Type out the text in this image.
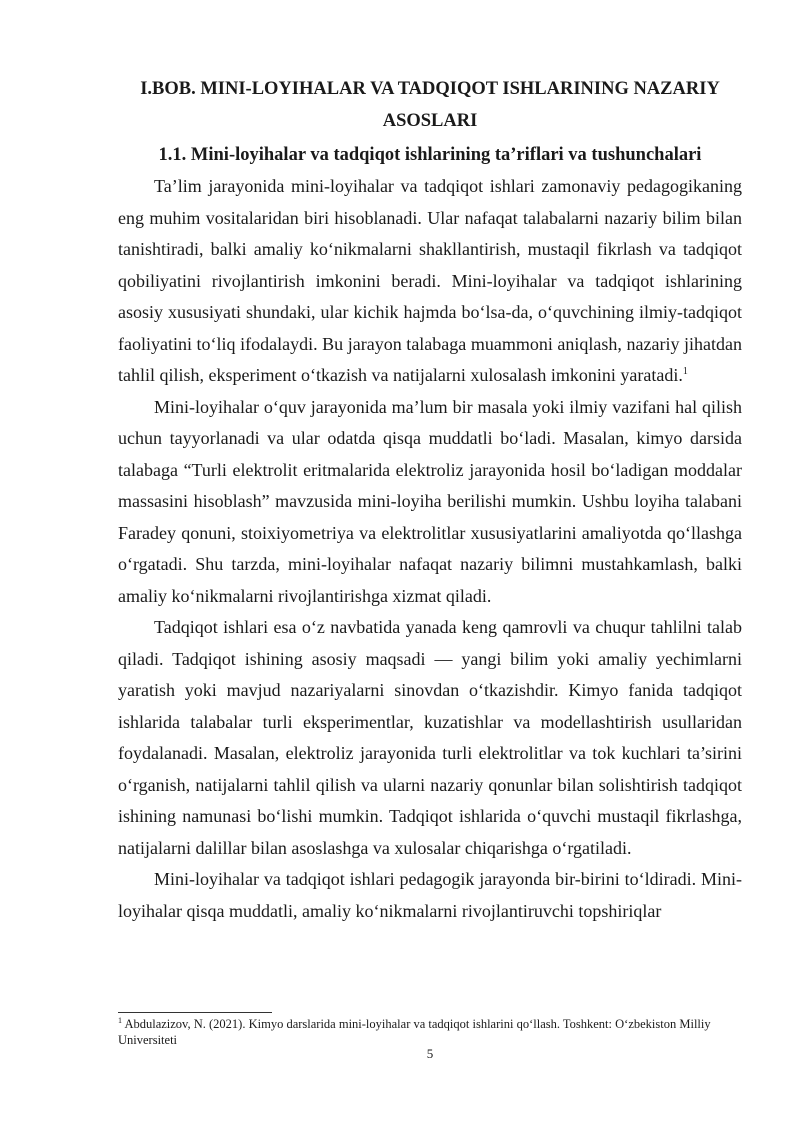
I.BOB. MINI-LOYIHALAR VA TADQIQOT ISHLARINING NAZARIY ASOSLARI
1.1. Mini-loyihalar va tadqiqot ishlarining ta’riflari va tushunchalari

Ta’lim jarayonida mini-loyihalar va tadqiqot ishlari zamonaviy pedagogikaning eng muhim vositalaridan biri hisoblanadi. Ular nafaqat talabalarni nazariy bilim bilan tanishtiradi, balki amaliy koʻnikmalarni shakllantirish, mustaqil fikrlash va tadqiqot qobiliyatini rivojlantirish imkonini beradi. Mini-loyihalar va tadqiqot ishlarining asosiy xususiyati shundaki, ular kichik hajmda boʻlsa-da, oʻquvchining ilmiy-tadqiqot faoliyatini toʻliq ifodalaydi. Bu jarayon talabaga muammoni aniqlash, nazariy jihatdan tahlil qilish, eksperiment oʻtkazish va natijalarni xulosalash imkonini yaratadi.$^1$

Mini-loyihalar oʻquv jarayonida ma’lum bir masala yoki ilmiy vazifani hal qilish uchun tayyorlanadi va ular odatda qisqa muddatli boʻladi. Masalan, kimyo darsida talabaga “Turli elektrolit eritmalarida elektroliz jarayonida hosil boʻladigan moddalar massasini hisoblash” mavzusida mini-loyiha berilishi mumkin. Ushbu loyiha talabani Faradey qonuni, stoixiyometriya va elektrolitlar xususiyatlarini amaliyotda qoʻllashga oʻrgatadi. Shu tarzda, mini-loyihalar nafaqat nazariy bilimni mustahkamlash, balki amaliy koʻnikmalarni rivojlantirishga xizmat qiladi.

Tadqiqot ishlari esa oʻz navbatida yanada keng qamrovli va chuqur tahlilni talab qiladi. Tadqiqot ishining asosiy maqsadi — yangi bilim yoki amaliy yechimlarni yaratish yoki mavjud nazariyalarni sinovdan oʻtkazishdir. Kimyo fanida tadqiqot ishlarida talabalar turli eksperimentlar, kuzatishlar va modellashtirish usullaridan foydalanadi. Masalan, elektroliz jarayonida turli elektrolitlar va tok kuchlari ta’sirini oʻrganish, natijalarni tahlil qilish va ularni nazariy qonunlar bilan solishtirish tadqiqot ishining namunasi boʻlishi mumkin. Tadqiqot ishlarida oʻquvchi mustaqil fikrlashga, natijalarni dalillar bilan asoslashga va xulosalar chiqarishga oʻrgatiladi.

Mini-loyihalar va tadqiqot ishlari pedagogik jarayonda bir-birini toʻldiradi. Mini-loyihalar qisqa muddatli, amaliy koʻnikmalarni rivojlantiruvchi topshiriqlar

$^1$ Abdulazizov, N. (2021). Kimyo darslarida mini-loyihalar va tadqiqot ishlarini qoʻllash. Toshkent: Oʻzbekiston Milliy Universiteti

5
